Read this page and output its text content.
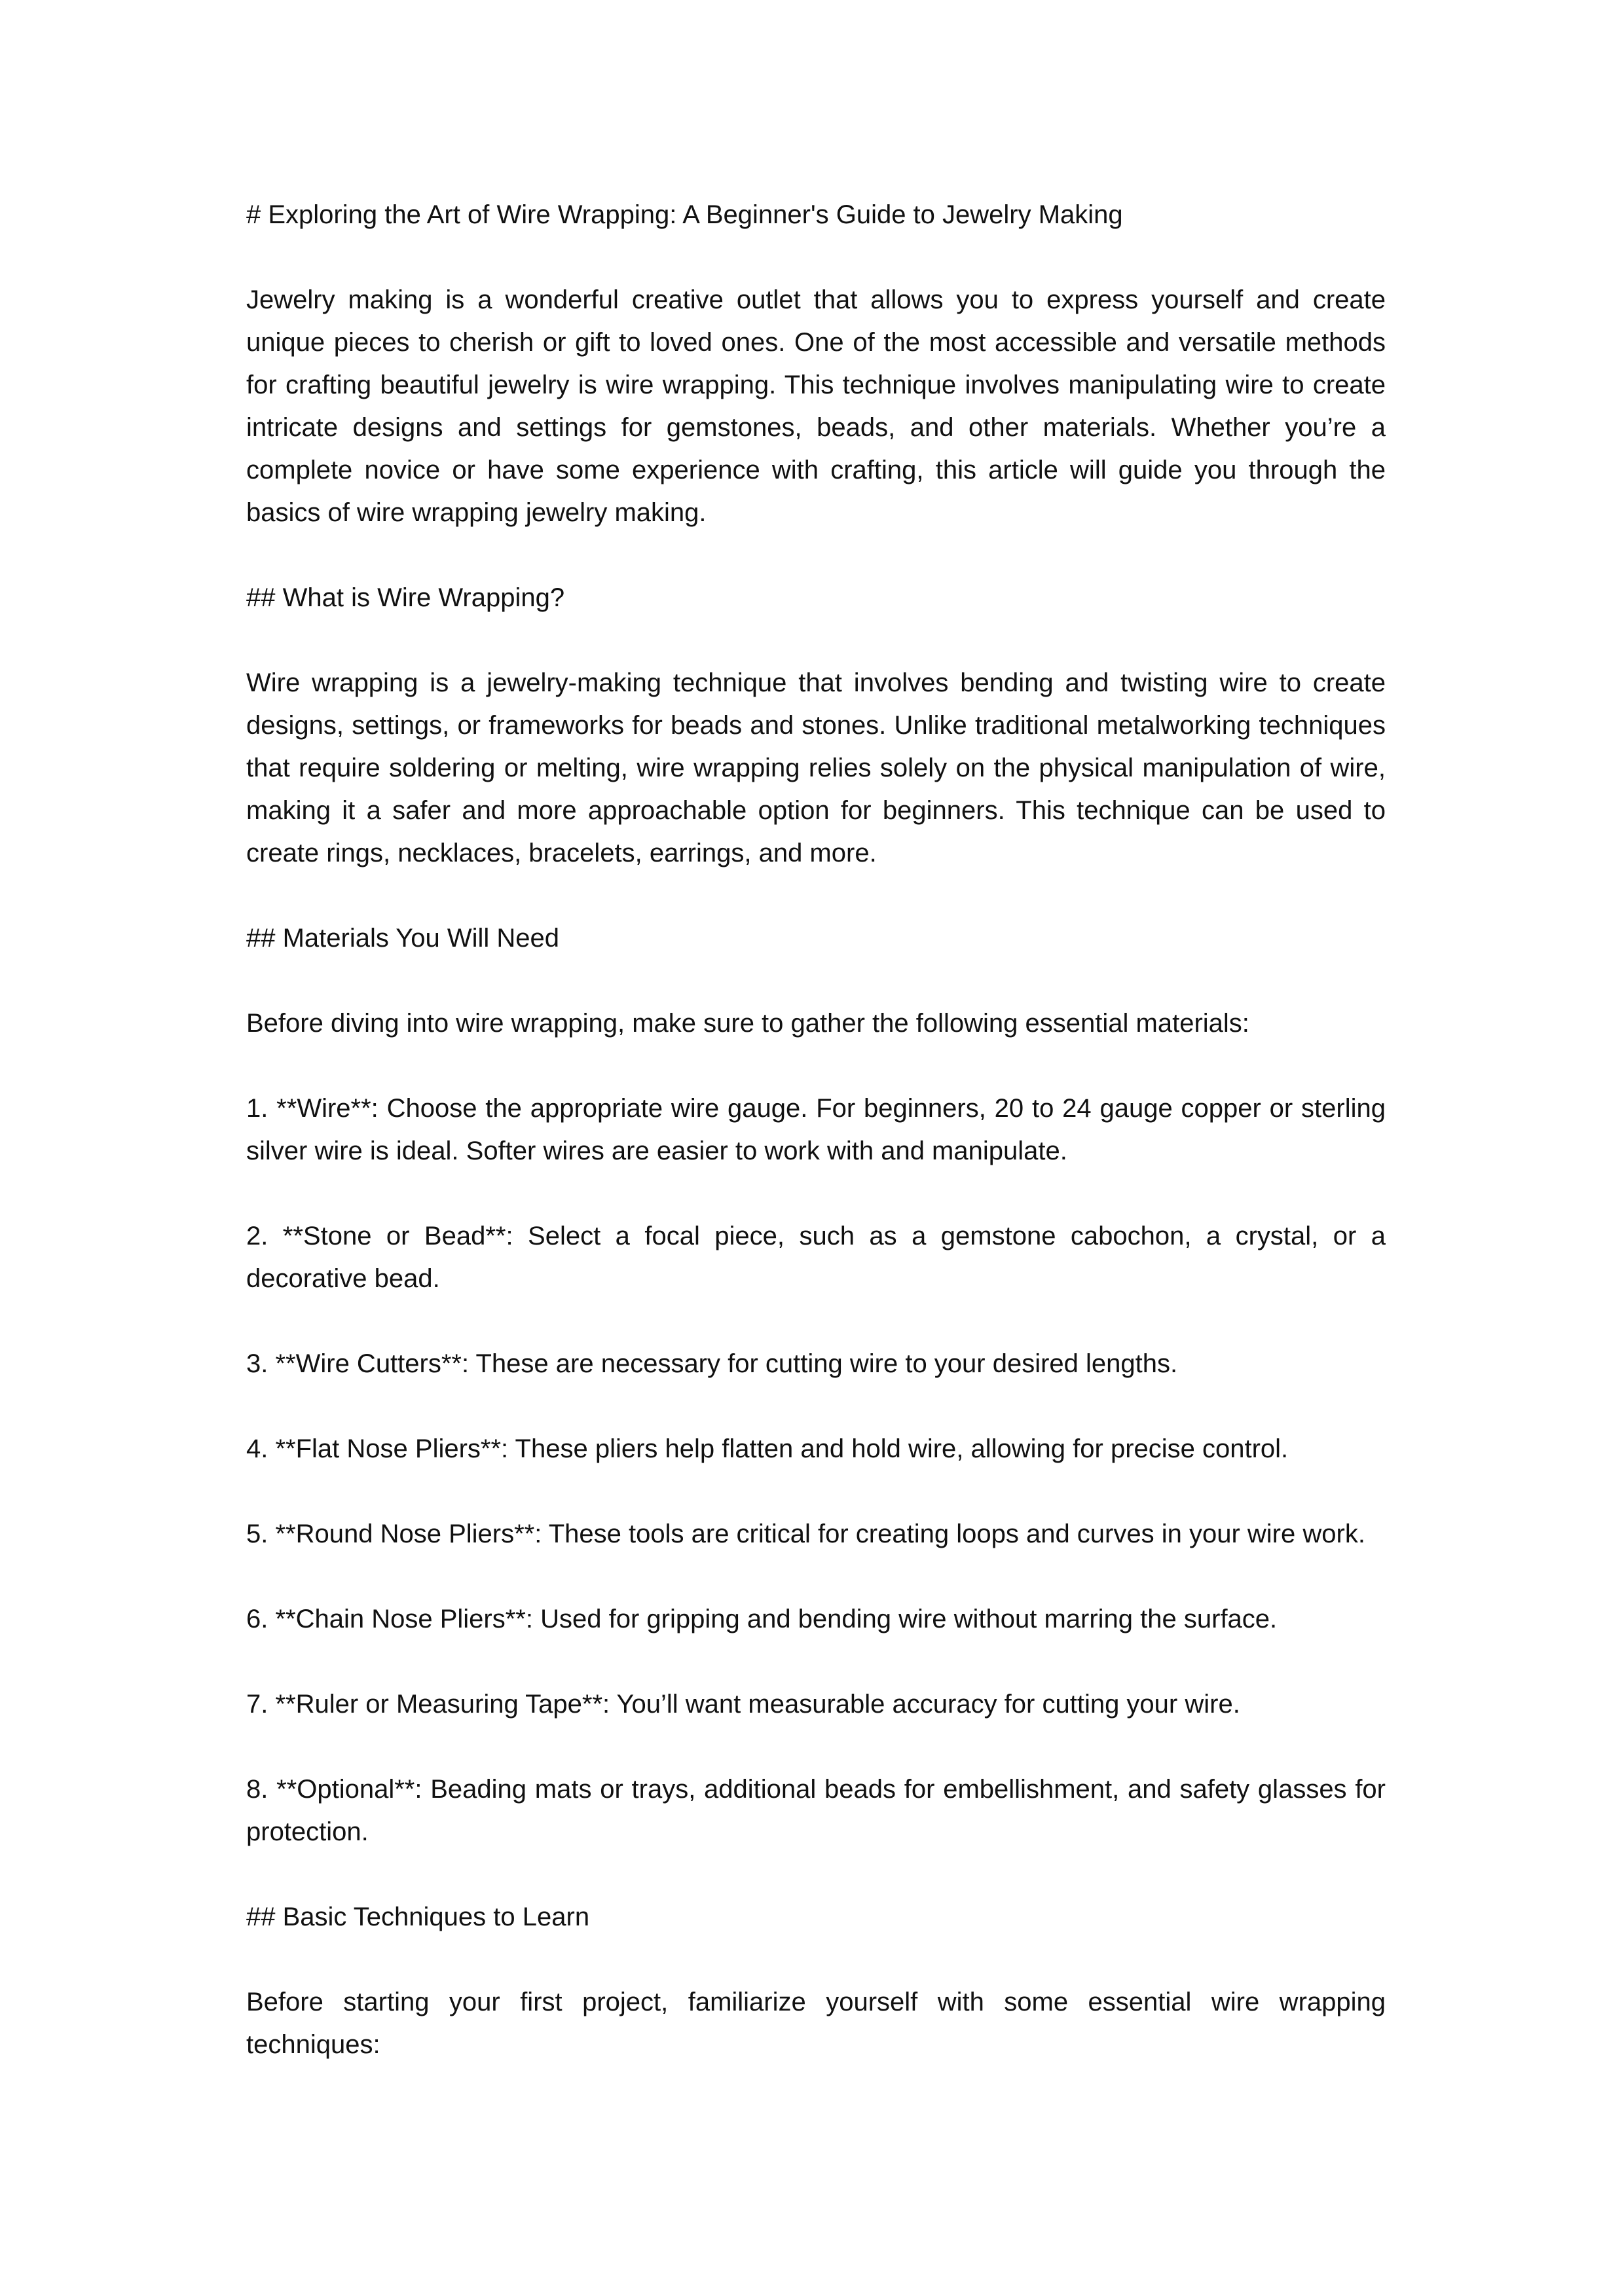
# Exploring the Art of Wire Wrapping: A Beginner's Guide to Jewelry Making

Jewelry making is a wonderful creative outlet that allows you to express yourself and create unique pieces to cherish or gift to loved ones. One of the most accessible and versatile methods for crafting beautiful jewelry is wire wrapping. This technique involves manipulating wire to create intricate designs and settings for gemstones, beads, and other materials. Whether you’re a complete novice or have some experience with crafting, this article will guide you through the basics of wire wrapping jewelry making.

## What is Wire Wrapping?

Wire wrapping is a jewelry-making technique that involves bending and twisting wire to create designs, settings, or frameworks for beads and stones. Unlike traditional metalworking techniques that require soldering or melting, wire wrapping relies solely on the physical manipulation of wire, making it a safer and more approachable option for beginners. This technique can be used to create rings, necklaces, bracelets, earrings, and more.

## Materials You Will Need

Before diving into wire wrapping, make sure to gather the following essential materials:

1. **Wire**: Choose the appropriate wire gauge. For beginners, 20 to 24 gauge copper or sterling silver wire is ideal. Softer wires are easier to work with and manipulate.

2. **Stone or Bead**: Select a focal piece, such as a gemstone cabochon, a crystal, or a decorative bead.

3. **Wire Cutters**: These are necessary for cutting wire to your desired lengths.

4. **Flat Nose Pliers**: These pliers help flatten and hold wire, allowing for precise control.

5. **Round Nose Pliers**: These tools are critical for creating loops and curves in your wire work.

6. **Chain Nose Pliers**: Used for gripping and bending wire without marring the surface.

7. **Ruler or Measuring Tape**: You’ll want measurable accuracy for cutting your wire.

8. **Optional**: Beading mats or trays, additional beads for embellishment, and safety glasses for protection.

## Basic Techniques to Learn

Before starting your first project, familiarize yourself with some essential wire wrapping techniques:
